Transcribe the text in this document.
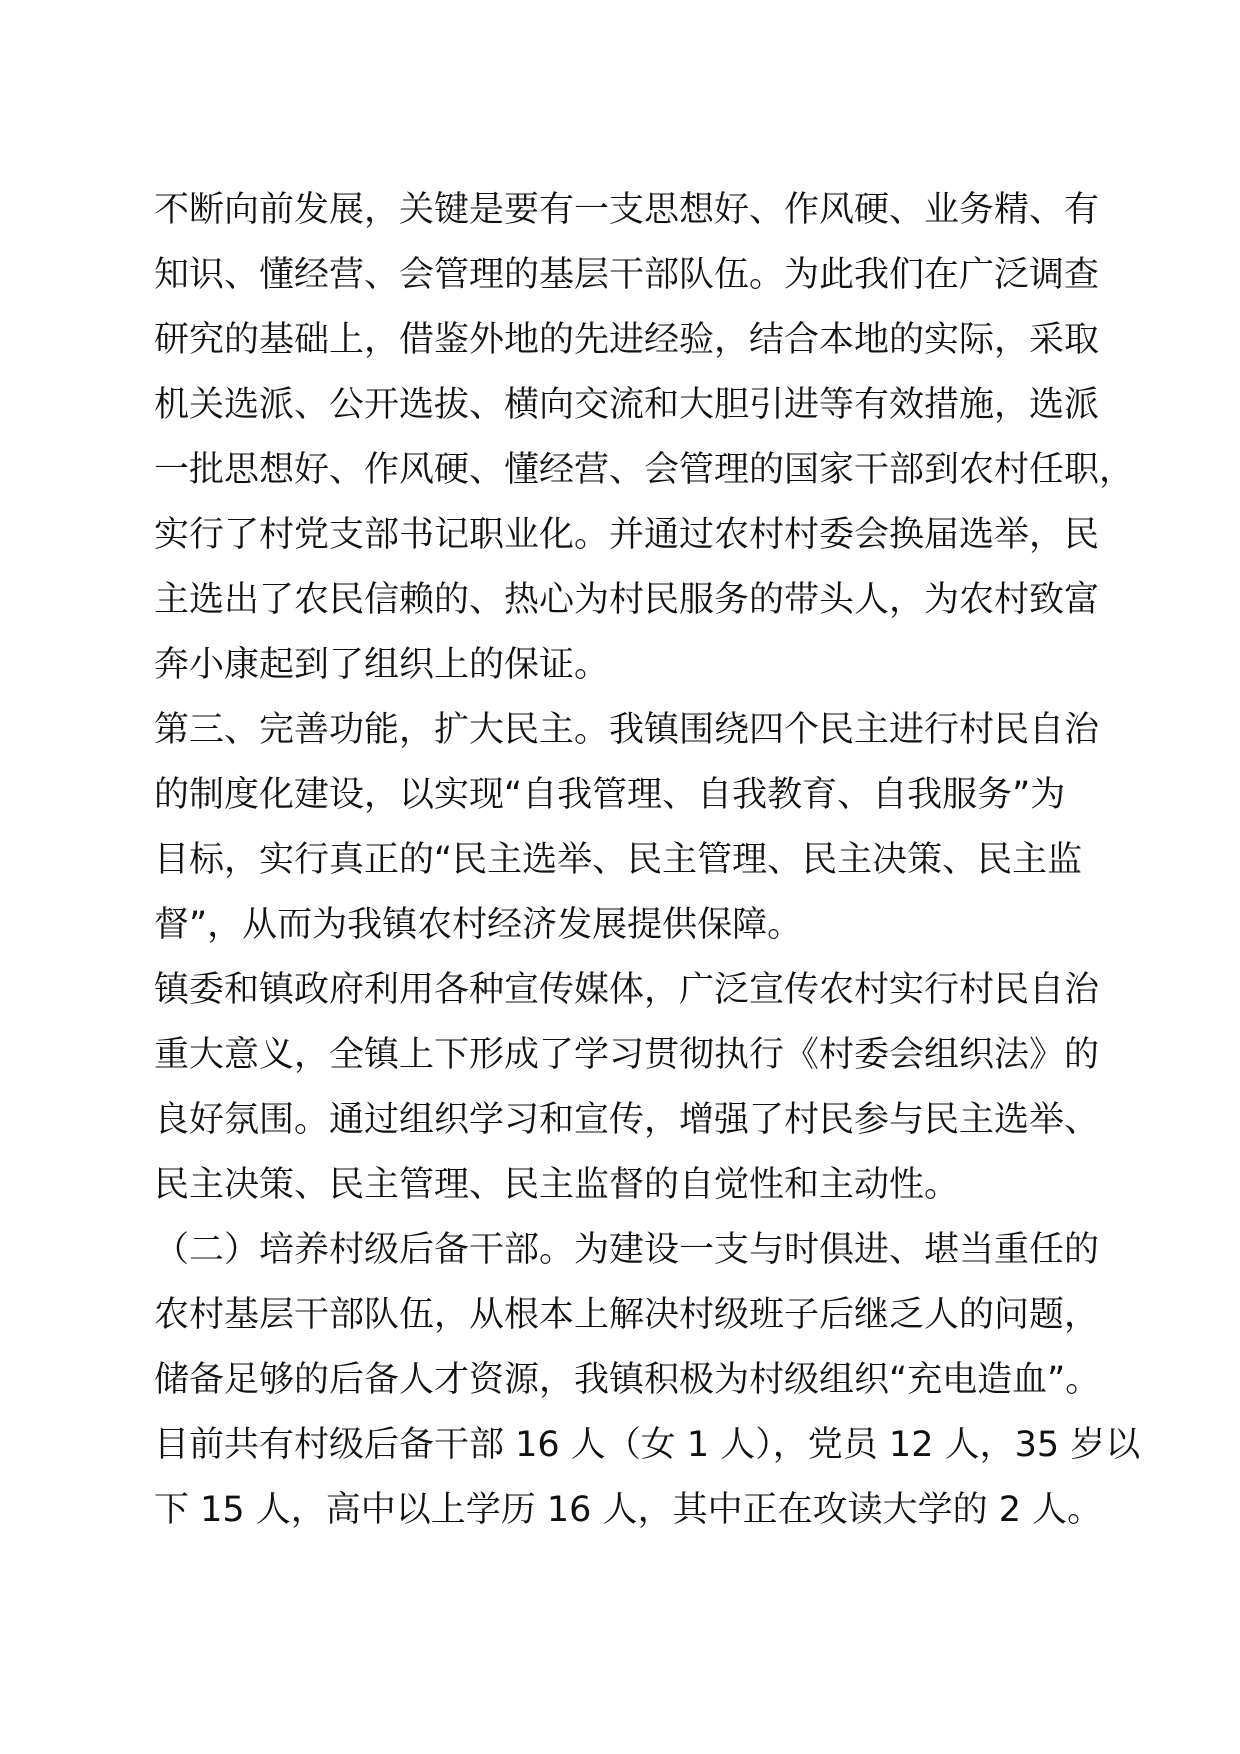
不断向前发展，关键是要有一支思想好、作风硬、业务精、有
知识、懂经营、会管理的基层干部队伍。为此我们在广泛调查
研究的基础上，借鉴外地的先进经验，结合本地的实际，采取
机关选派、公开选拔、横向交流和大胆引进等有效措施，选派
一批思想好、作风硬、懂经营、会管理的国家干部到农村任职，
实行了村党支部书记职业化。并通过农村村委会换届选举，民
主选出了农民信赖的、热心为村民服务的带头人，为农村致富
奔小康起到了组织上的保证。
第三、完善功能，扩大民主。我镇围绕四个民主进行村民自治
的制度化建设，以实现“自我管理、自我教育、自我服务”为
目标，实行真正的“民主选举、民主管理、民主决策、民主监
督”，从而为我镇农村经济发展提供保障。
镇委和镇政府利用各种宣传媒体，广泛宣传农村实行村民自治
重大意义，全镇上下形成了学习贯彻执行《村委会组织法》的
良好氛围。通过组织学习和宣传，增强了村民参与民主选举、
民主决策、民主管理、民主监督的自觉性和主动性。
（二）培养村级后备干部。为建设一支与时俱进、堪当重任的
农村基层干部队伍，从根本上解决村级班子后继乏人的问题，
储备足够的后备人才资源，我镇积极为村级组织“充电造血”。
目前共有村级后备干部 16 人（女 1 人），党员 12 人，35 岁以
下 15 人，高中以上学历 16 人，其中正在攻读大学的 2 人。
